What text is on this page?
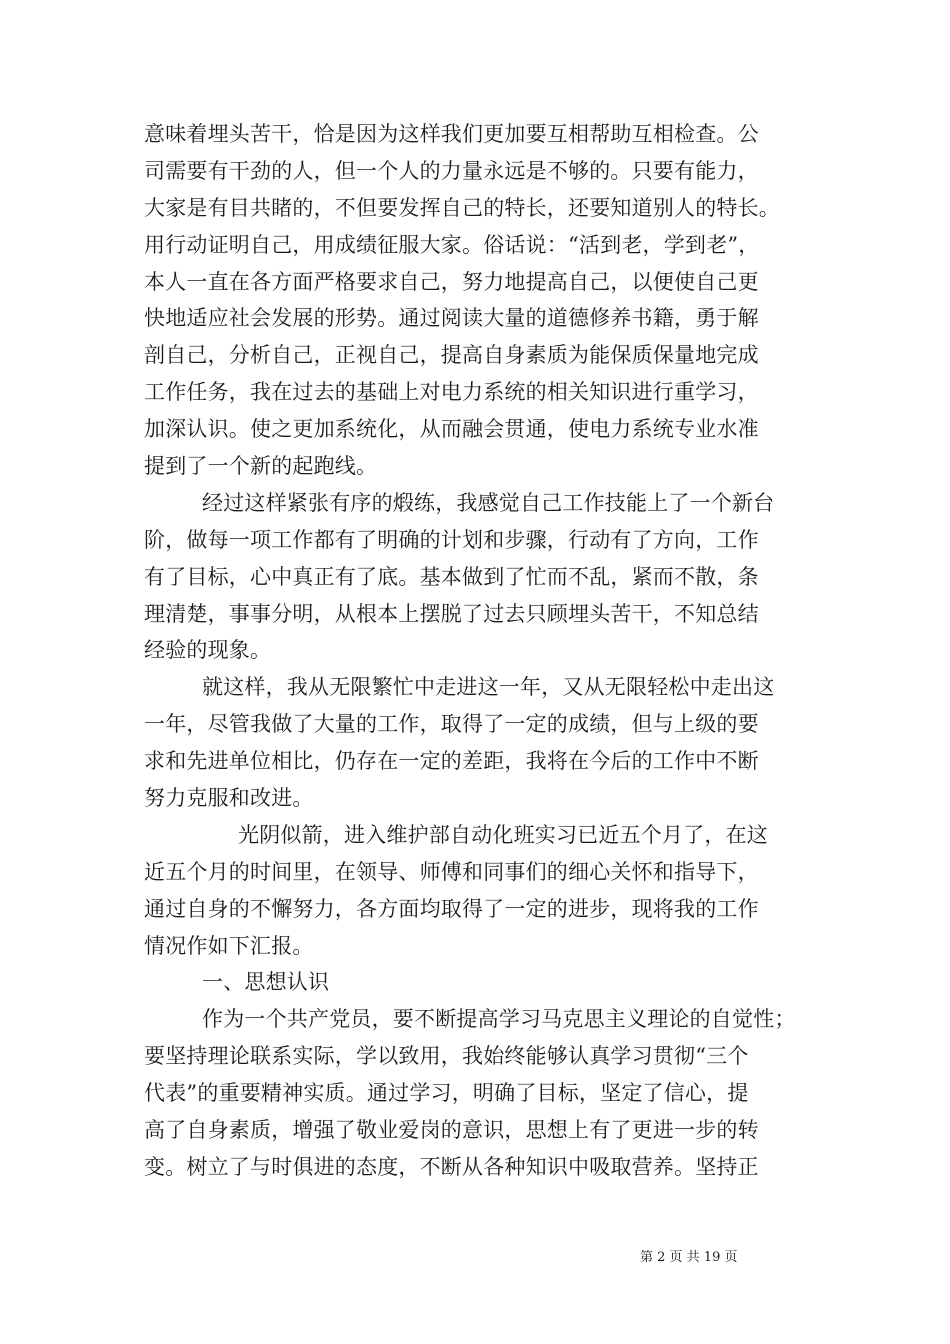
意味着埋头苦干，恰是因为这样我们更加要互相帮助互相检查。公
司需要有干劲的人，但一个人的力量永远是不够的。只要有能力，
大家是有目共睹的，不但要发挥自己的特长，还要知道别人的特长。
用行动证明自己，用成绩征服大家。俗话说：“活到老，学到老”，
本人一直在各方面严格要求自己，努力地提高自己，以便使自己更
快地适应社会发展的形势。通过阅读大量的道德修养书籍，勇于解
剖自己，分析自己，正视自己，提高自身素质为能保质保量地完成
工作任务，我在过去的基础上对电力系统的相关知识进行重学习，
加深认识。使之更加系统化，从而融会贯通，使电力系统专业水准
提到了一个新的起跑线。
经过这样紧张有序的煅练，我感觉自己工作技能上了一个新台
阶，做每一项工作都有了明确的计划和步骤，行动有了方向，工作
有了目标，心中真正有了底。基本做到了忙而不乱，紧而不散，条
理清楚，事事分明，从根本上摆脱了过去只顾埋头苦干，不知总结
经验的现象。
就这样，我从无限繁忙中走进这一年，又从无限轻松中走出这
一年，尽管我做了大量的工作，取得了一定的成绩，但与上级的要
求和先进单位相比，仍存在一定的差距，我将在今后的工作中不断
努力克服和改进。
光阴似箭，进入维护部自动化班实习已近五个月了，在这
近五个月的时间里，在领导、师傅和同事们的细心关怀和指导下，
通过自身的不懈努力，各方面均取得了一定的进步，现将我的工作
情况作如下汇报。
一、思想认识
作为一个共产党员，要不断提高学习马克思主义理论的自觉性；
要坚持理论联系实际，学以致用，我始终能够认真学习贯彻“三个
代表”的重要精神实质。通过学习，明确了目标，坚定了信心，提
高了自身素质，增强了敬业爱岗的意识，思想上有了更进一步的转
变。树立了与时俱进的态度，不断从各种知识中吸取营养。坚持正
第 2 页 共 19 页
